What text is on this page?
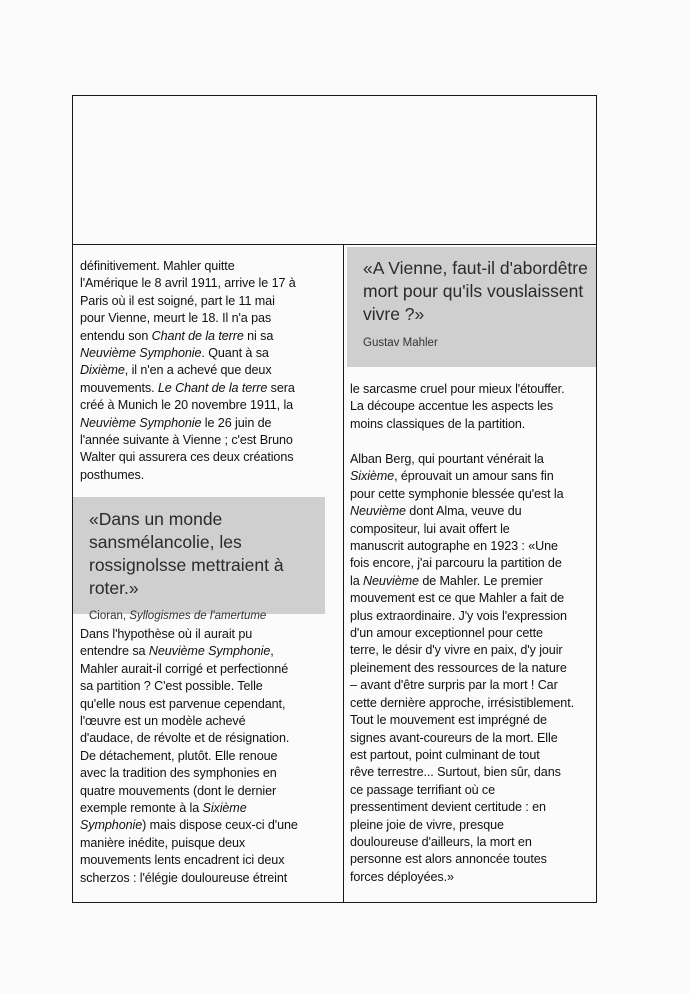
définitivement. Mahler quitte
l'Amérique le 8 avril 1911, arrive le 17 à
Paris où il est soigné, part le 11 mai
pour Vienne, meurt le 18. Il n'a pas
entendu son Chant de la terre ni sa
Neuvième Symphonie. Quant à sa
Dixième, il n'en a achevé que deux
mouvements. Le Chant de la terre sera
créé à Munich le 20 novembre 1911, la
Neuvième Symphonie le 26 juin de
l'année suivante à Vienne ; c'est Bruno
Walter qui assurera ces deux créations
posthumes.
«A Vienne, faut-il d'abordêtre mort pour qu'ils vouslaissent vivre ?»
Gustav Mahler
«Dans un monde sansmélancolie, les rossignolsse mettraient à roter.»
Cioran, Syllogismes de l'amertume
Dans l'hypothèse où il aurait pu
entendre sa Neuvième Symphonie,
Mahler aurait-il corrigé et perfectionné
sa partition ? C'est possible. Telle
qu'elle nous est parvenue cependant,
l'œuvre est un modèle achevé
d'audace, de révolte et de résignation.
De détachement, plutôt. Elle renoue
avec la tradition des symphonies en
quatre mouvements (dont le dernier
exemple remonte à la Sixième
Symphonie) mais dispose ceux-ci d'une
manière inédite, puisque deux
mouvements lents encadrent ici deux
scherzos : l'élégie douloureuse étreint
le sarcasme cruel pour mieux l'étouffer.
La découpe accentue les aspects les
moins classiques de la partition.
Alban Berg, qui pourtant vénérait la
Sixième, éprouvait un amour sans fin
pour cette symphonie blessée qu'est la
Neuvième dont Alma, veuve du
compositeur, lui avait offert le
manuscrit autographe en 1923 : «Une
fois encore, j'ai parcouru la partition de
la Neuvième de Mahler. Le premier
mouvement est ce que Mahler a fait de
plus extraordinaire. J'y vois l'expression
d'un amour exceptionnel pour cette
terre, le désir d'y vivre en paix, d'y jouir
pleinement des ressources de la nature
– avant d'être surpris par la mort ! Car
cette dernière approche, irrésistiblement.
Tout le mouvement est imprégné de
signes avant-coureurs de la mort. Elle
est partout, point culminant de tout
rêve terrestre... Surtout, bien sûr, dans
ce passage terrifiant où ce
pressentiment devient certitude : en
pleine joie de vivre, presque
douloureuse d'ailleurs, la mort en
personne est alors annoncée toutes
forces déployées.»
